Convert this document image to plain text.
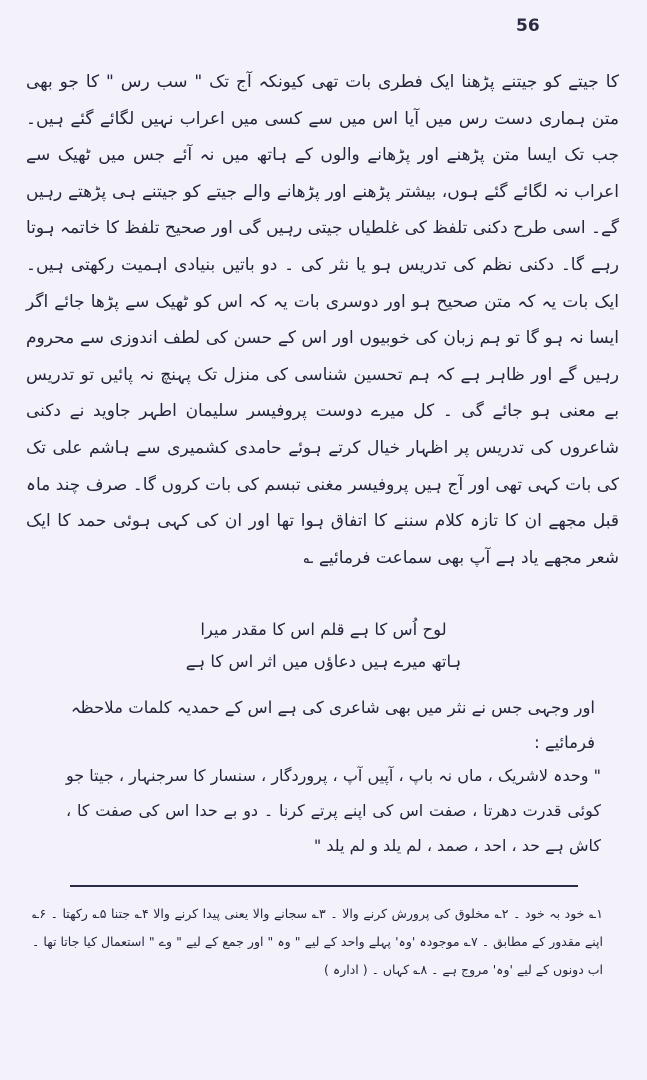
56

کا جیتے کو جیتنے پڑھنا ایک فطری بات تھی کیونکہ آج تک " سب رس " کا جو بھی متن ہماری دست رس میں آیا اس میں سے کسی میں اعراب نہیں لگائے گئے ہیں۔ جب تک ایسا متن پڑھنے اور پڑھانے والوں کے ہاتھ میں نہ آئے جس میں ٹھیک سے اعراب نہ لگائے گئے ہوں، بیشتر پڑھنے اور پڑھانے والے جیتے کو جیتنے ہی پڑھتے رہیں گے۔ اسی طرح دکنی تلفظ کی غلطیاں جیتی رہیں گی اور صحیح تلفظ کا خاتمہ ہوتا رہے گا۔ دکنی نظم کی تدریس ہو یا نثر کی ۔ دو باتیں بنیادی اہمیت رکھتی ہیں۔ ایک بات یہ کہ متن صحیح ہو اور دوسری بات یہ کہ اس کو ٹھیک سے پڑھا جائے اگر ایسا نہ ہو گا تو ہم زبان کی خوبیوں اور اس کے حسن کی لطف اندوزی سے محروم رہیں گے اور ظاہر ہے کہ ہم تحسین شناسی کی منزل تک پہنچ نہ پائیں تو تدریس بے معنی ہو جائے گی ۔ کل میرے دوست پروفیسر سلیمان اطہر جاوید نے دکنی شاعروں کی تدریس پر اظہار خیال کرتے ہوئے حامدی کشمیری سے ہاشم علی تک کی بات کہی تھی اور آج ہیں پروفیسر مغنی تبسم کی بات کروں گا۔ صرف چند ماہ قبل مجھے ان کا تازہ کلام سننے کا اتفاق ہوا تھا اور ان کی کہی ہوئی حمد کا ایک شعر مجھے یاد ہے آپ بھی سماعت فرمائیے ؎

لوح اُس کا ہے قلم اس کا مقدر میرا
ہاتھ میرے ہیں دعاؤں میں اثر اس کا ہے

اور وجہی جس نے نثر میں بھی شاعری کی ہے اس کے حمدیہ کلمات ملاحظہ فرمائیے :

" وحدہ لاشریک ، ماں نہ باپ ، آپیں آپ ، پروردگار ، سنسار کا سرجنہار ، جیتا جو کوئی قدرت دھرتا ، صفت اس کی اپنے پرتے کرنا ۔ دو بے حدا اس کی صفت کا ، کاش ہے حد ، احد ، صمد ، لم یلد و لم یلد "

۱؎ خود بہ خود ۔ ۲؎ مخلوق کی پرورش کرنے والا ۔ ۳؎ سجانے والا یعنی پیدا کرنے والا ۴؎ جتنا ۵؎ رکھتا ۔ ۶؎ اپنے مقدور کے مطابق ۔ ۷؎ موجودہ 'وہ' پہلے واحد کے لیے " وہ " اور جمع کے لیے " وے " استعمال کیا جاتا تھا ۔ اب دونوں کے لیے 'وہ' مروج ہے ۔ ۸؎ کہاں ۔ ( ادارہ )
